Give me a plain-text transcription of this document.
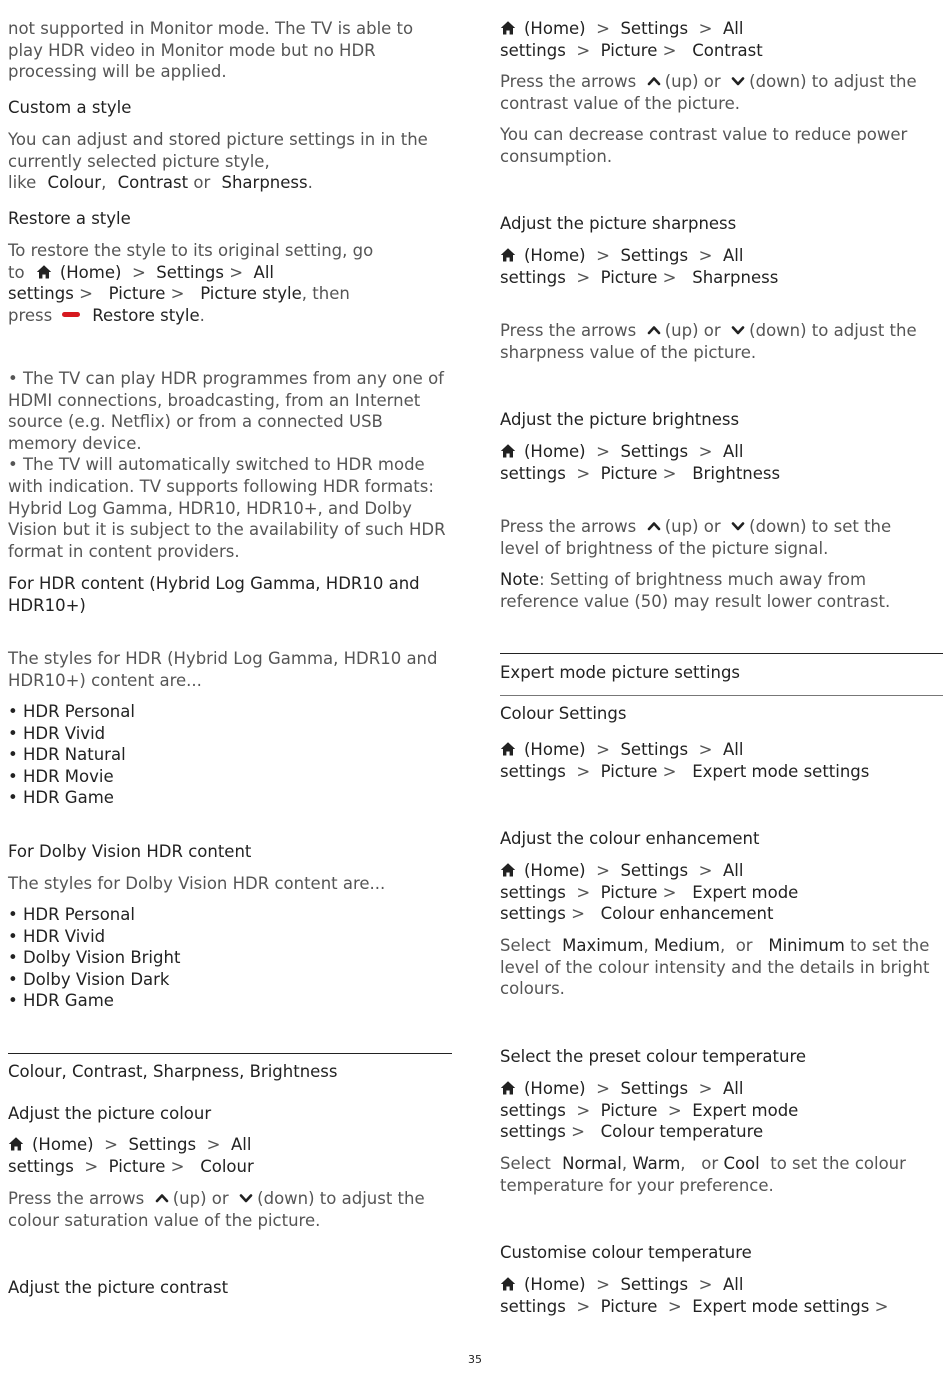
not supported in Monitor mode. The TV is able to play HDR video in Monitor mode but no HDR processing will be applied.
Custom a style
You can adjust and stored picture settings in in the currently selected picture style,
like Colour, Contrast or Sharpness.
Restore a style
To restore the style to its original setting, go
to (Home) > Settings > All
settings > Picture > Picture style, then
press Restore style.
• The TV can play HDR programmes from any one of HDMI connections, broadcasting, from an Internet source (e.g. Netflix) or from a connected USB memory device.
• The TV will automatically switched to HDR mode with indication. TV supports following HDR formats: Hybrid Log Gamma, HDR10, HDR10+, and Dolby Vision but it is subject to the availability of such HDR format in content providers.
For HDR content (Hybrid Log Gamma, HDR10 and HDR10+)
The styles for HDR (Hybrid Log Gamma, HDR10 and HDR10+) content are...
• HDR Personal
• HDR Vivid
• HDR Natural
• HDR Movie
• HDR Game
For Dolby Vision HDR content
The styles for Dolby Vision HDR content are...
• HDR Personal
• HDR Vivid
• Dolby Vision Bright
• Dolby Vision Dark
• HDR Game
Colour, Contrast, Sharpness, Brightness
Adjust the picture colour
(Home) > Settings > All
settings > Picture > Colour
Press the arrows (up) or (down) to adjust the
colour saturation value of the picture.
Adjust the picture contrast
(Home) > Settings > All
settings > Picture > Contrast
Press the arrows (up) or (down) to adjust the
contrast value of the picture.
You can decrease contrast value to reduce power consumption.
Adjust the picture sharpness
(Home) > Settings > All
settings > Picture > Sharpness
Press the arrows (up) or (down) to adjust the
sharpness value of the picture.
Adjust the picture brightness
(Home) > Settings > All
settings > Picture > Brightness
Press the arrows (up) or (down) to set the
level of brightness of the picture signal.
Note: Setting of brightness much away from reference value (50) may result lower contrast.
Expert mode picture settings
Colour Settings
(Home) > Settings > All
settings > Picture > Expert mode settings
Adjust the colour enhancement
(Home) > Settings > All
settings > Picture > Expert mode
settings > Colour enhancement
Select Maximum, Medium, or Minimum to set the level of the colour intensity and the details in bright colours.
Select the preset colour temperature
(Home) > Settings > All
settings > Picture > Expert mode
settings > Colour temperature
Select Normal, Warm, or Cool to set the colour temperature for your preference.
Customise colour temperature
(Home) > Settings > All
settings > Picture > Expert mode settings >
35
